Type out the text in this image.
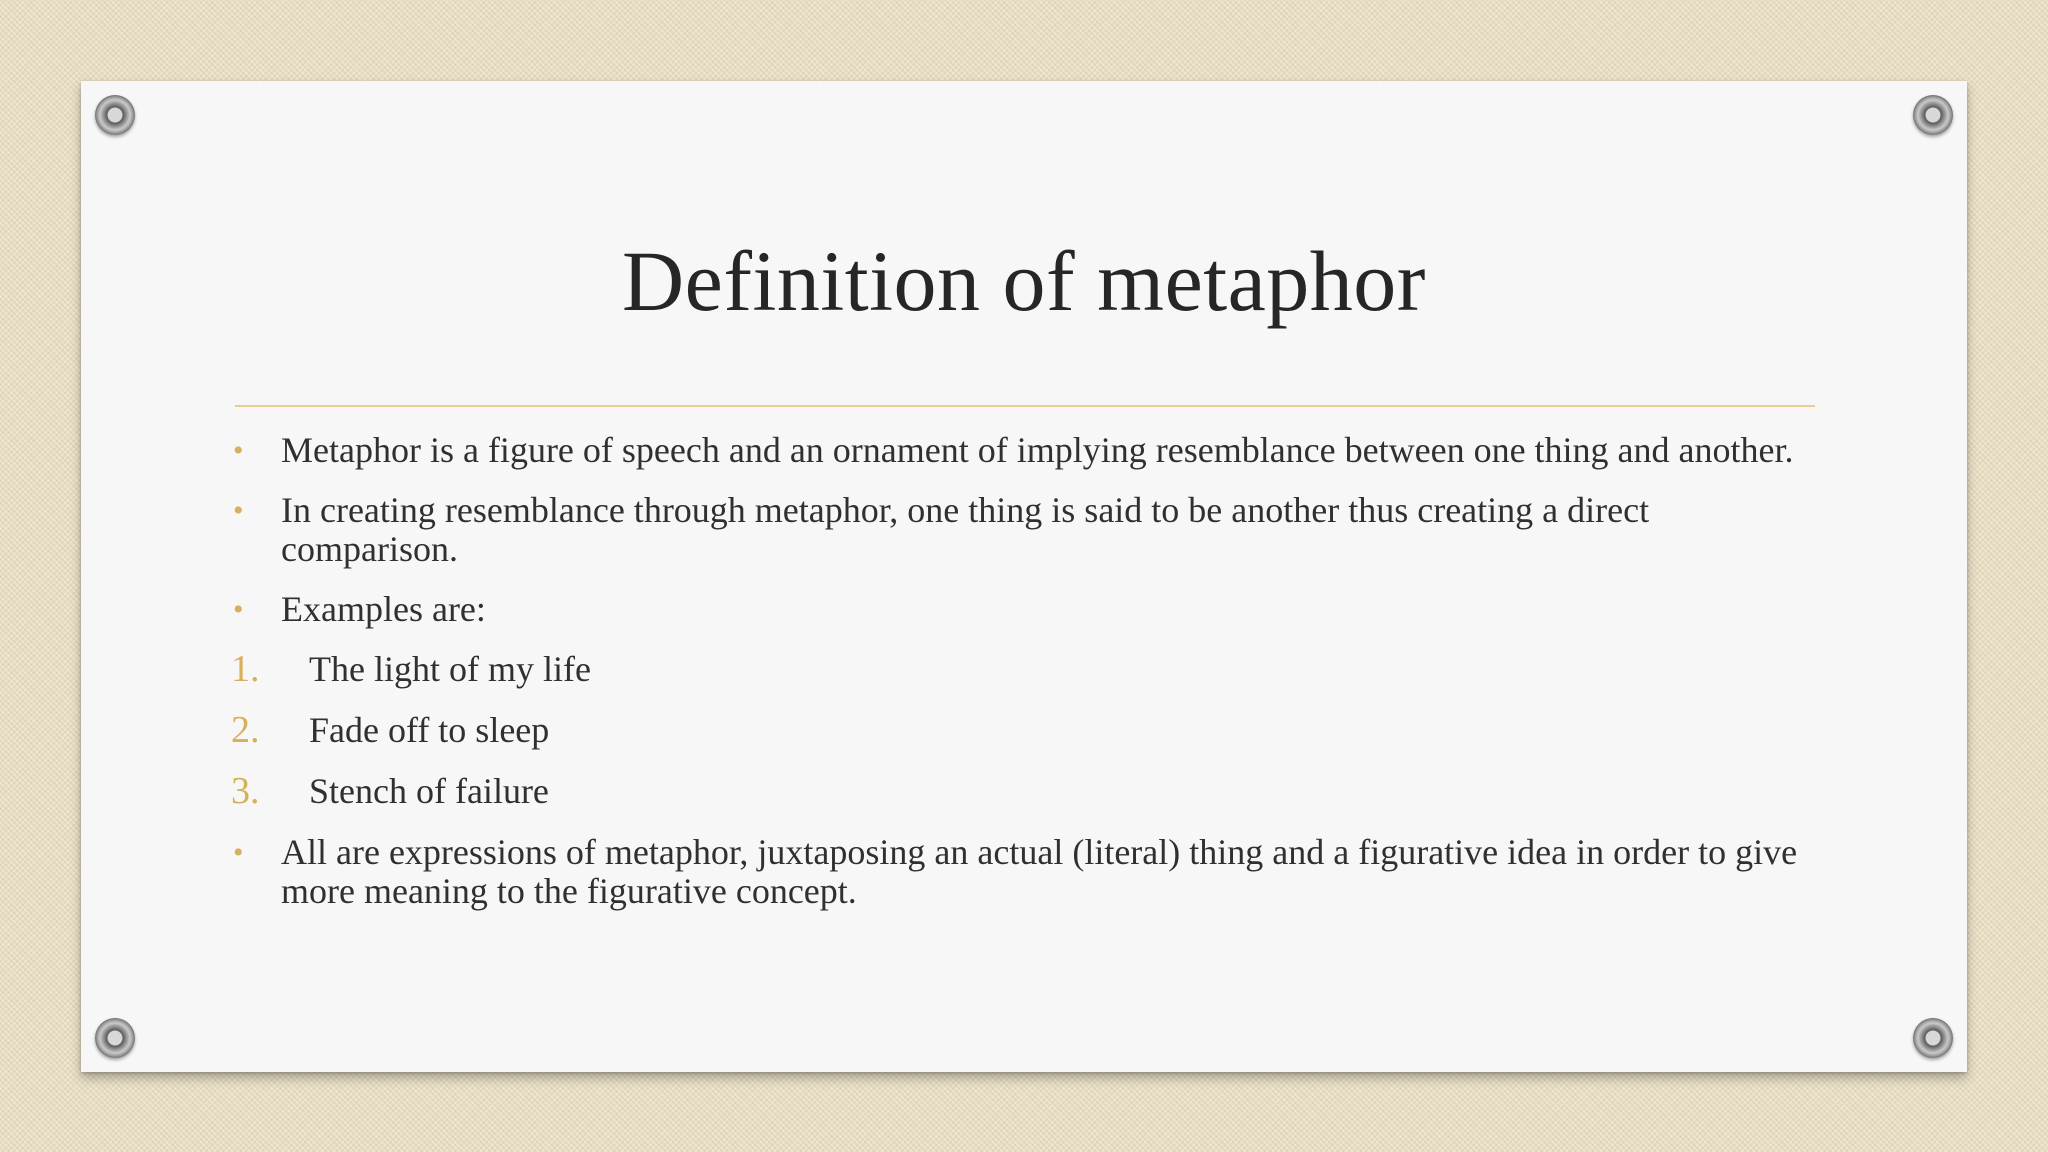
Definition of metaphor
• Metaphor is a figure of speech and an ornament of implying resemblance between one thing and another.
• In creating resemblance through metaphor, one thing is said to be another thus creating a direct comparison.
• Examples are:
1. The light of my life
2. Fade off to sleep
3. Stench of failure
• All are expressions of metaphor, juxtaposing an actual (literal) thing and a figurative idea in order to give more meaning to the figurative concept.
